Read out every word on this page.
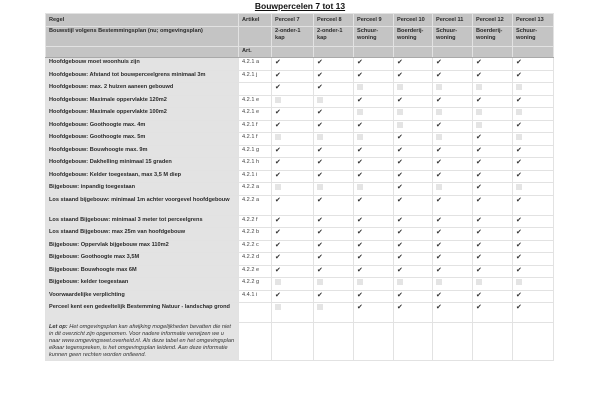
Bouwpercelen 7 tot 13
Regel	Artikel	Perceel 7	Perceel 8	Perceel 9	Perceel 10	Perceel 11	Perceel 12	Perceel 13
Bouwstijl volgens Bestemmingsplan (nu; omgevingsplan)		2-onder-1 kap	2-onder-1 kap	Schuur-woning	Boerderij-woning	Schuur-woning	Boerderij-woning	Schuur-woning
	Art.							
Hoofdgebouw moet woonhuis zijn	4.2.1 a	✔	✔	✔	✔	✔	✔	✔
Hoofdgebouw: Afstand tot bouwperceelgrens minimaal 3m	4.2.1 j	✔	✔	✔	✔	✔	✔	✔
Hoofdgebouw: max. 2 huizen aaneen gebouwd		✔	✔					
Hoofdgebouw: Maximale oppervlakte 120m2	4.2.1 e			✔	✔	✔	✔	✔
Hoofdgebouw: Maximale oppervlakte 100m2	4.2.1 e	✔	✔					
Hoofdgebouw: Goothoogte max. 4m	4.2.1 f	✔	✔	✔		✔		✔
Hoofdgebouw: Goothoogte max. 5m	4.2.1 f				✔		✔	
Hoofdgebouw: Bouwhoogte max. 9m	4.2.1 g	✔	✔	✔	✔	✔	✔	✔
Hoofdgebouw: Dakhelling minimaal 15 graden	4.2.1 h	✔	✔	✔	✔	✔	✔	✔
Hoofdgebouw: Kelder toegestaan, max 3,5 M diep	4.2.1 i	✔	✔	✔	✔	✔	✔	✔
Bijgebouw: inpandig toegestaan	4.2.2 a				✔		✔	
Los staand bijgebouw: minimaal 1m achter voorgevel hoofdgebouw	4.2.2 a	✔	✔	✔	✔	✔	✔	✔
Los staand Bijgebouw: minimaal 3 meter tot perceelgrens	4.2.2 f	✔	✔	✔	✔	✔	✔	✔
Los staand Bijgebouw: max 25m van hoofdgebouw	4.2.2 b	✔	✔	✔	✔	✔	✔	✔
Bijgebouw: Oppervlak bijgebouw max 110m2	4.2.2 c	✔	✔	✔	✔	✔	✔	✔
Bijgebouw: Goothoogte max 3,5M	4.2.2 d	✔	✔	✔	✔	✔	✔	✔
Bijgebouw: Bouwhoogte max 6M	4.2.2 e	✔	✔	✔	✔	✔	✔	✔
Bijgebouw: kelder toegestaan	4.2.2 g							
Voorwaardelijke verplichting	4.4.1 i	✔	✔	✔	✔	✔	✔	✔
Perceel kent een gedeeltelijk Bestemming Natuur - landschap grond				✔	✔	✔	✔	✔
Let op: Het omgevingsplan kan afwijking mogelijkheden bevatten die niet in dit overzicht zijn opgenomen. Voor nadere informatie verwijzen we u naar www.omgevingswet.overheid.nl. Als deze tabel en het omgevingsplan elkaar tegenspreken, is het omgevingsplan leidend. Aan deze informatie kunnen geen rechten worden ontleend.								
